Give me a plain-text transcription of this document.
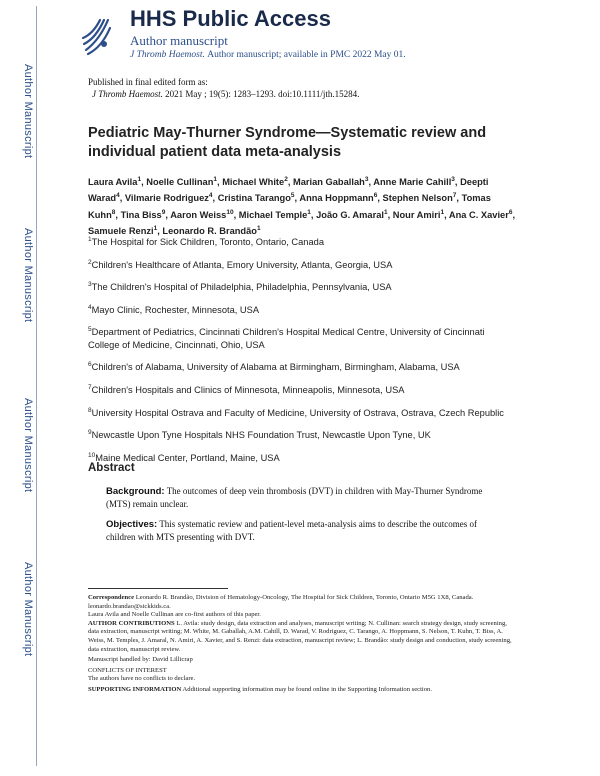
Author Manuscript
Author Manuscript
Author Manuscript
Author Manuscript
HHS Public Access
Author manuscript
J Thromb Haemost. Author manuscript; available in PMC 2022 May 01.
Published in final edited form as:
J Thromb Haemost. 2021 May ; 19(5): 1283–1293. doi:10.1111/jth.15284.
Pediatric May-Thurner Syndrome—Systematic review and individual patient data meta-analysis
Laura Avila$^1$, Noelle Cullinan$^1$, Michael White$^2$, Marian Gaballah$^3$, Anne Marie Cahill$^3$, Deepti Warad$^4$, Vilmarie Rodriguez$^4$, Cristina Tarango$^5$, Anna Hoppmann$^6$, Stephen Nelson$^7$, Tomas Kuhn$^8$, Tina Biss$^9$, Aaron Weiss$^{10}$, Michael Temple$^1$, João G. Amaral$^1$, Nour Amiri$^1$, Ana C. Xavier$^6$, Samuele Renzi$^1$, Leonardo R. Brandão$^1$
$^1$The Hospital for Sick Children, Toronto, Ontario, Canada
$^2$Children's Healthcare of Atlanta, Emory University, Atlanta, Georgia, USA
$^3$The Children's Hospital of Philadelphia, Philadelphia, Pennsylvania, USA
$^4$Mayo Clinic, Rochester, Minnesota, USA
$^5$Department of Pediatrics, Cincinnati Children's Hospital Medical Centre, University of Cincinnati College of Medicine, Cincinnati, Ohio, USA
$^6$Children's of Alabama, University of Alabama at Birmingham, Birmingham, Alabama, USA
$^7$Children's Hospitals and Clinics of Minnesota, Minneapolis, Minnesota, USA
$^8$University Hospital Ostrava and Faculty of Medicine, University of Ostrava, Ostrava, Czech Republic
$^9$Newcastle Upon Tyne Hospitals NHS Foundation Trust, Newcastle Upon Tyne, UK
$^{10}$Maine Medical Center, Portland, Maine, USA
Abstract
Background: The outcomes of deep vein thrombosis (DVT) in children with May-Thurner Syndrome (MTS) remain unclear.
Objectives: This systematic review and patient-level meta-analysis aims to describe the outcomes of children with MTS presenting with DVT.

Correspondence Leonardo R. Brandão, Division of Hematology-Oncology, The Hospital for Sick Children, Toronto, Ontario M5G 1X8, Canada. leonardo.brandao@sickkids.ca.

Laura Avila and Noelle Cullinan are co-first authors of this paper.

AUTHOR CONTRIBUTIONS L. Avila: study design, data extraction and analyses, manuscript writing; N. Cullinan: search strategy design, study screening, data extraction, manuscript writing; M. White, M. Gaballah, A.M. Cahill, D. Warad, V. Rodriguez, C. Tarango, A. Hoppmann, S. Nelson, T. Kuhn, T. Biss, A. Weiss, M. Temples, J. Amaral, N. Amiri, A. Xavier, and S. Renzi: data extraction, manuscript review; L. Brandão: study design and conduction, study screening, data extraction, manuscript review.

Manuscript handled by: David Lillicrap

CONFLICTS OF INTEREST

The authors have no conflicts to declare.

SUPPORTING INFORMATION Additional supporting information may be found online in the Supporting Information section.
